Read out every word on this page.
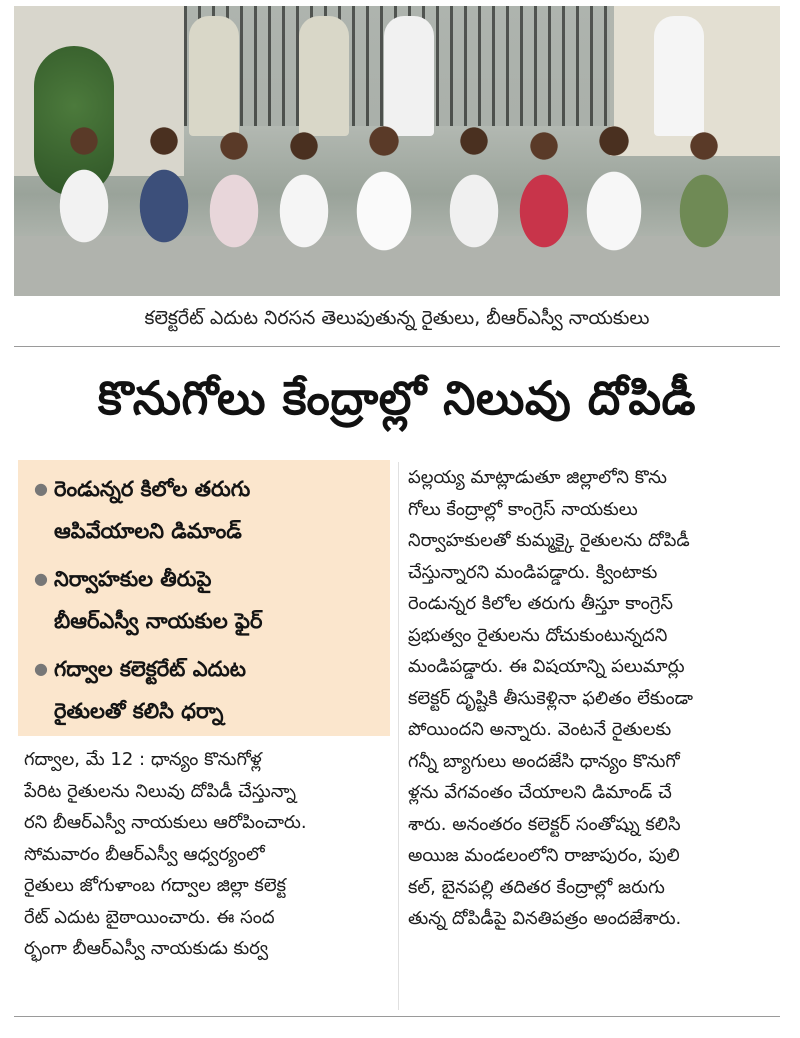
కలెక్టరేట్ ఎదుట నిరసన తెలుపుతున్న రైతులు, బీఆర్ఎస్వీ నాయకులు
కొనుగోలు కేంద్రాల్లో నిలువు దోపిడీ
● రెండున్నర కిలోల తరుగు
ఆపివేయాలని డిమాండ్
● నిర్వాహకుల తీరుపై
బీఆర్ఎస్వీ నాయకుల ఫైర్
● గద్వాల కలెక్టరేట్ ఎదుట
రైతులతో కలిసి ధర్నా
గద్వాల, మే 12 : ధాన్యం కొనుగోళ్ల
పేరిట రైతులను నిలువు దోపిడీ చేస్తున్నా
రని బీఆర్ఎస్వీ నాయకులు ఆరోపించారు.
సోమవారం బీఆర్ఎస్వీ ఆధ్వర్యంలో
రైతులు జోగుళాంబ గద్వాల జిల్లా కలెక్ట
రేట్ ఎదుట బైఠాయించారు. ఈ సంద
ర్భంగా బీఆర్ఎస్వీ నాయకుడు కుర్వ
పల్లయ్య మాట్లాడుతూ జిల్లాలోని కొను
గోలు కేంద్రాల్లో కాంగ్రెస్ నాయకులు
నిర్వాహకులతో కుమ్మక్కై రైతులను దోపిడీ
చేస్తున్నారని మండిపడ్డారు. క్వింటాకు
రెండున్నర కిలోల తరుగు తీస్తూ కాంగ్రెస్
ప్రభుత్వం రైతులను దోచుకుంటున్నదని
మండిపడ్డారు. ఈ విషయాన్ని పలుమార్లు
కలెక్టర్ దృష్టికి తీసుకెళ్లినా ఫలితం లేకుండా
పోయిందని అన్నారు. వెంటనే రైతులకు
గన్నీ బ్యాగులు అందజేసి ధాన్యం కొనుగో
ళ్లను వేగవంతం చేయాలని డిమాండ్ చే
శారు. అనంతరం కలెక్టర్ సంతోష్ను కలిసి
అయిజ మండలంలోని రాజాపురం, పులి
కల్, బైనపల్లి తదితర కేంద్రాల్లో జరుగు
తున్న దోపిడీపై వినతిపత్రం అందజేశారు.
